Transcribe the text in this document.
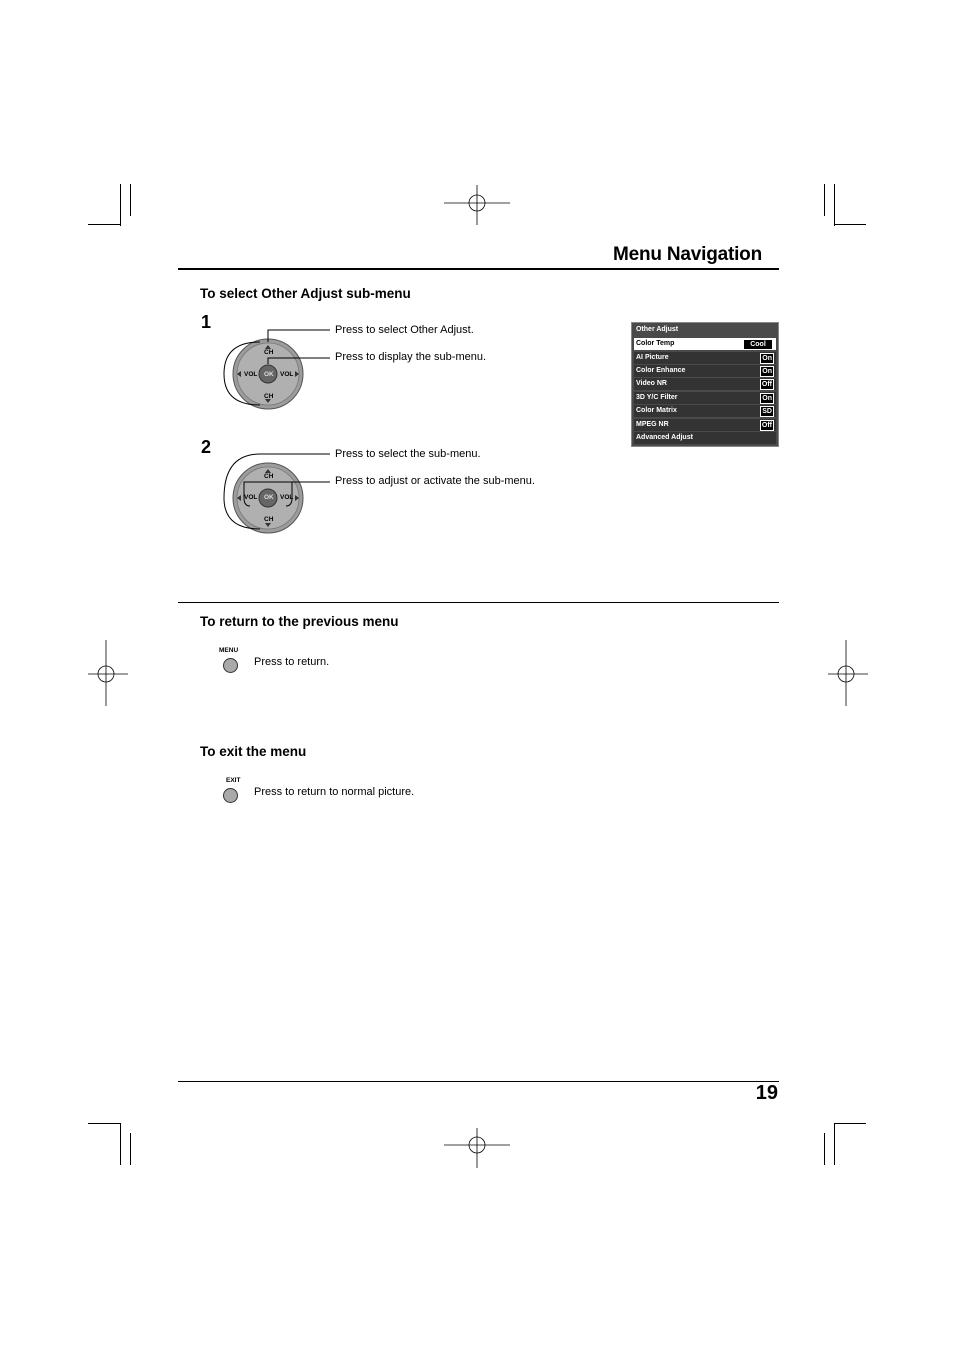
Menu Navigation
To select Other Adjust sub-menu
1
CH
CH
VOL	VOL
OK
Press to select Other Adjust.
Press to display the sub-menu.
2
CH
CH
VOL	VOL
OK
Press to select the sub-menu.
Press to adjust or activate the sub-menu.
Other Adjust
Color Temp	Cool
AI Picture	On
Color Enhance	On
Video NR	Off
3D Y/C Filter	On
Color Matrix	SD
MPEG NR	Off
Advanced Adjust
To return to the previous menu
MENU
Press to return.
To exit the menu
EXIT
Press to return to normal picture.
19
